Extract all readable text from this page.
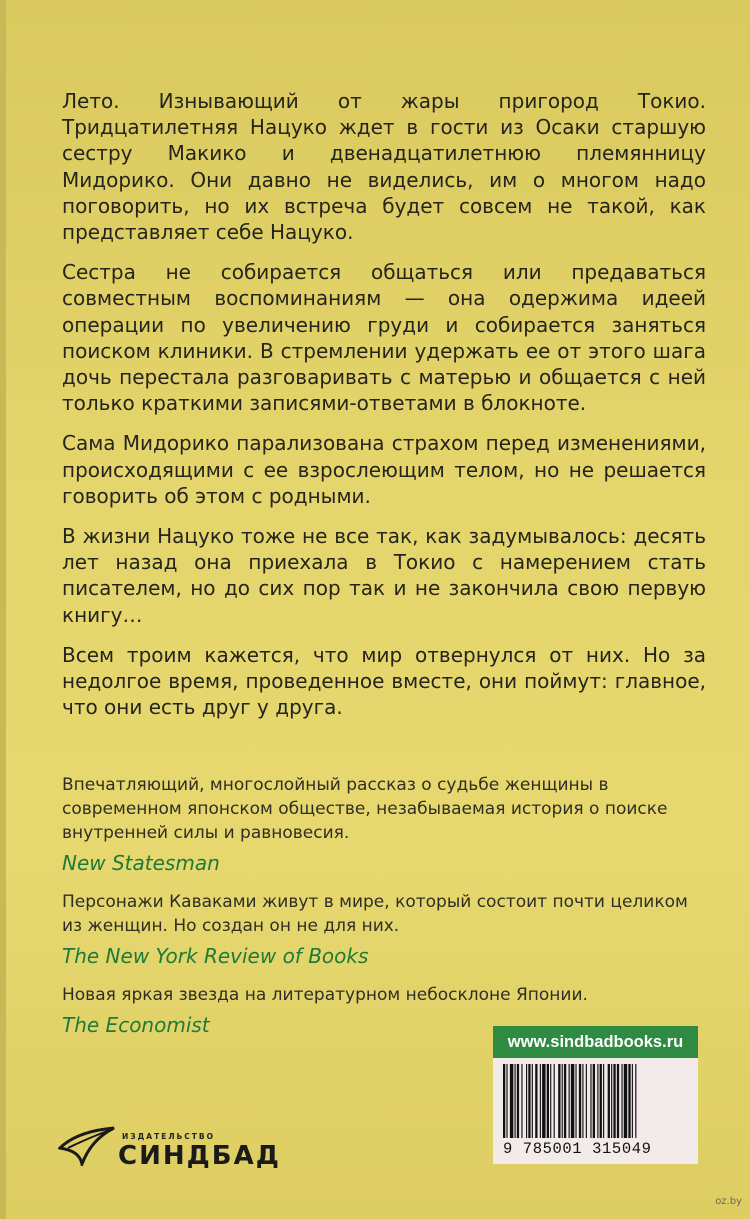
Лето. Изнывающий от жары пригород Токио. Тридцатилетняя Нацуко ждет в гости из Осаки старшую сестру Макико и двенадцатилетнюю племянницу Мидорико. Они давно не виделись, им о многом надо поговорить, но их встреча будет совсем не такой, как представляет себе Нацуко.

Сестра не собирается общаться или предаваться совместным воспоминаниям — она одержима идеей операции по увеличению груди и собирается заняться поиском клиники. В стремлении удержать ее от этого шага дочь перестала разговаривать с матерью и общается с ней только краткими записями-ответами в блокноте.

Сама Мидорико парализована страхом перед изменениями, происходящими с ее взрослеющим телом, но не решается говорить об этом с родными.

В жизни Нацуко тоже не все так, как задумывалось: десять лет назад она приехала в Токио с намерением стать писателем, но до сих пор так и не закончила свою первую книгу…

Всем троим кажется, что мир отвернулся от них. Но за недолгое время, проведенное вместе, они поймут: главное, что они есть друг у друга.

Впечатляющий, многослойный рассказ о судьбе женщины в современном японском обществе, незабываемая история о поиске внутренней силы и равновесия.
New Statesman
Персонажи Каваками живут в мире, который состоит почти целиком из женщин. Но создан он не для них.
The New York Review of Books
Новая яркая звезда на литературном небосклоне Японии.
The Economist
ИЗДАТЕЛЬСТВО
СИНДБАД
www.sindbadbooks.ru
9 785001 315049
oz.by
